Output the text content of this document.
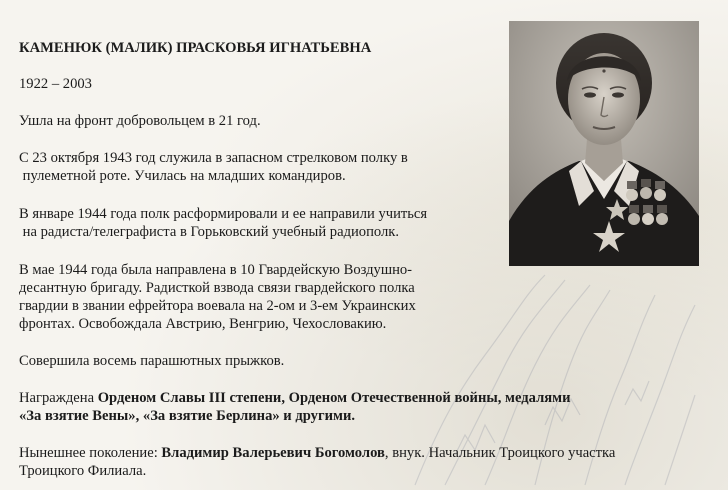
КАМЕНЮК (МАЛИК) ПРАСКОВЬЯ ИГНАТЬЕВНА

1922 – 2003

Ушла на фронт добровольцем в 21 год.

С 23 октября 1943 год служила в запасном стрелковом полку в

пулеметной роте. Училась на младших командиров.

В январе 1944 года полк расформировали и ее направили учиться

на радиста/телеграфиста в Горьковский учебный радиополк.

В мае 1944 года была направлена в 10 Гвардейскую Воздушно-

десантную бригаду. Радисткой взвода связи гвардейского полка

гвардии в звании ефрейтора воевала на 2-ом и 3-ем Украинских

фронтах. Освобождала Австрию, Венгрию, Чехословакию.

Совершила восемь парашютных прыжков.

Награждена Орденом Славы III степени, Орденом Отечественной войны, медалями

«За взятие Вены», «За взятие Берлина» и другими.

Нынешнее поколение: Владимир Валерьевич Богомолов, внук. Начальник Троицкого участка

Троицкого Филиала.
